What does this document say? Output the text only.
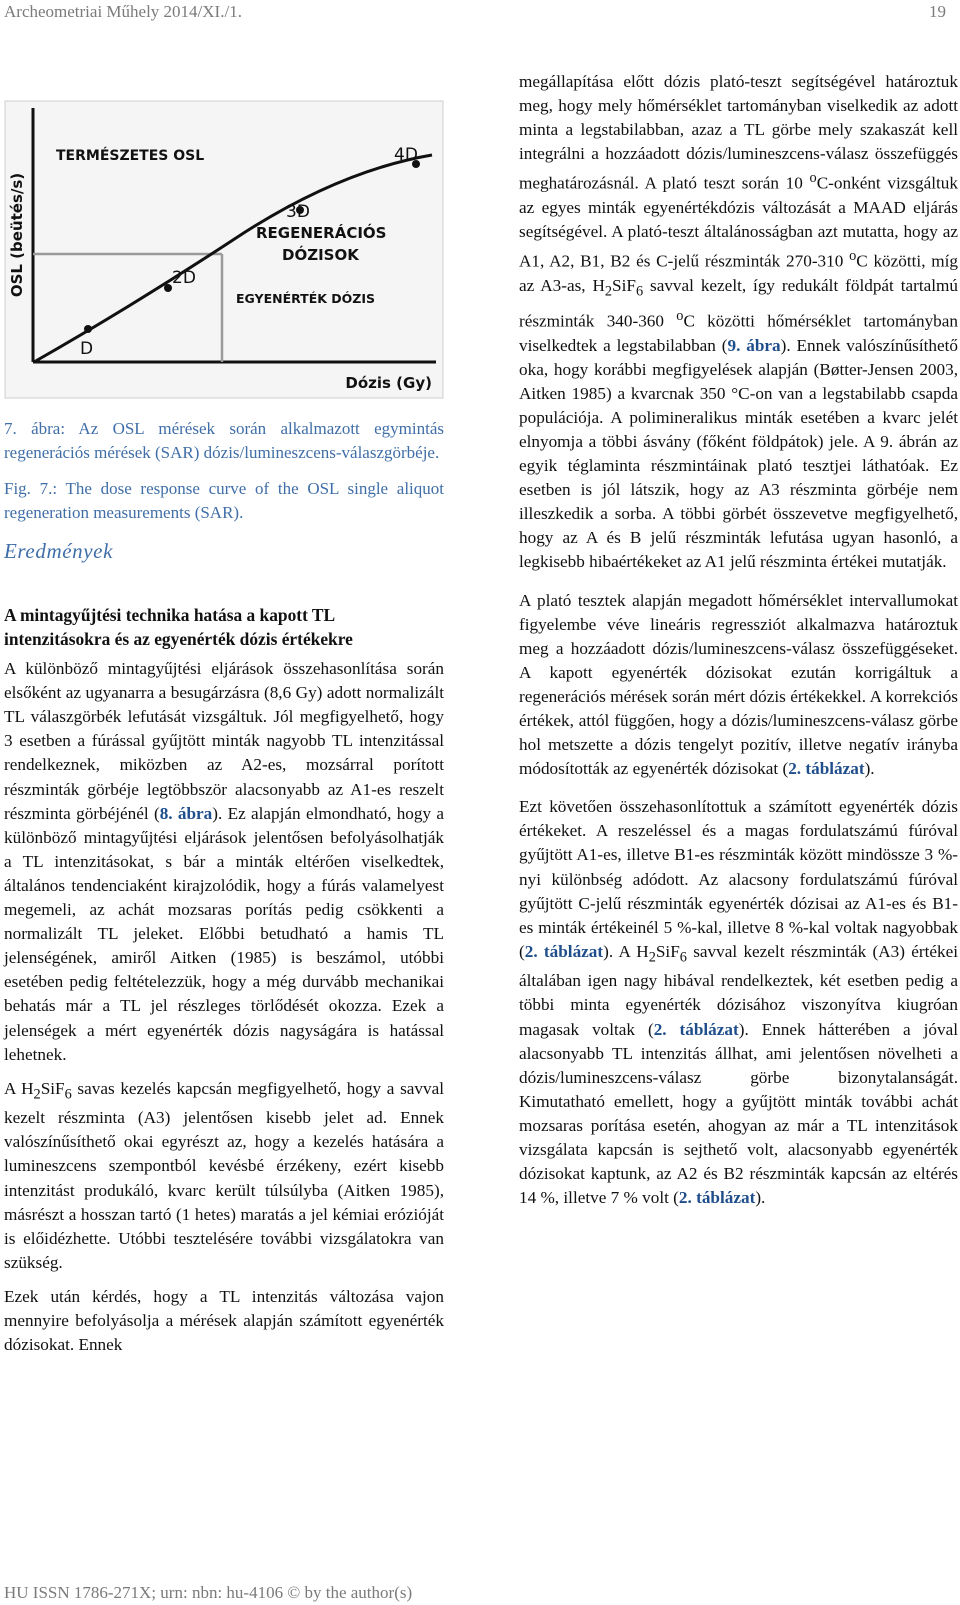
Archeometriai Műhely 2014/XI./1.	19
OSL (beütés/s)
Dózis (Gy)
TERMÉSZETES OSL
D
2D
3D
4D
REGENERÁCIÓS
DÓZISOK
EGYENÉRTÉK DÓZIS

7. ábra: Az OSL mérések során alkalmazott egymintás regenerációs mérések (SAR) dózis/lumineszcens-válaszgörbéje.

Fig. 7.: The dose response curve of the OSL single aliquot regeneration measurements (SAR).

Eredmények
A mintagyűjtési technika hatása a kapott TL intenzitásokra és az egyenérték dózis értékekre

A különböző mintagyűjtési eljárások összehasonlítása során elsőként az ugyanarra a besugárzásra (8,6 Gy) adott normalizált TL válaszgörbék lefutását vizsgáltuk. Jól megfigyelhető, hogy 3 esetben a fúrással gyűjtött minták nagyobb TL intenzitással rendelkeznek, miközben az A2-es, mozsárral porított részminták görbéje legtöbbször alacsonyabb az A1-es reszelt részminta görbéjénél (8. ábra). Ez alapján elmondható, hogy a különböző mintagyűjtési eljárások jelentősen befolyásolhatják a TL intenzitásokat, s bár a minták eltérően viselkedtek, általános tendenciaként kirajzolódik, hogy a fúrás valamelyest megemeli, az achát mozsaras porítás pedig csökkenti a normalizált TL jeleket. Előbbi betudható a hamis TL jelenségének, amiről Aitken (1985) is beszámol, utóbbi esetében pedig feltételezzük, hogy a még durvább mechanikai behatás már a TL jel részleges törlődését okozza. Ezek a jelenségek a mért egyenérték dózis nagyságára is hatással lehetnek.

A $H_2SiF_6$ savas kezelés kapcsán megfigyelhető, hogy a savval kezelt részminta (A3) jelentősen kisebb jelet ad. Ennek valószínűsíthető okai egyrészt az, hogy a kezelés hatására a lumineszcens szempontból kevésbé érzékeny, ezért kisebb intenzitást produkáló, kvarc került túlsúlyba (Aitken 1985), másrészt a hosszan tartó (1 hetes) maratás a jel kémiai erózióját is előidézhette. Utóbbi tesztelésére további vizsgálatokra van szükség.

Ezek után kérdés, hogy a TL intenzitás változása vajon mennyire befolyásolja a mérések alapján számított egyenérték dózisokat. Ennek

megállapítása előtt dózis plató-teszt segítségével határoztuk meg, hogy mely hőmérséklet tartományban viselkedik az adott minta a legstabilabban, azaz a TL görbe mely szakaszát kell integrálni a hozzáadott dózis/lumineszcens-válasz összefüggés meghatározásnál. A plató teszt során 10 $^o$C-onként vizsgáltuk az egyes minták egyenértékdózis változását a MAAD eljárás segítségével. A plató-teszt általánosságban azt mutatta, hogy az A1, A2, B1, B2 és C-jelű részminták 270-310 $^o$C közötti, míg az A3-as, $H_2SiF_6$ savval kezelt, így redukált földpát tartalmú részminták 340-360 $^o$C közötti hőmérséklet tartományban viselkedtek a legstabilabban (9. ábra). Ennek valószínűsíthető oka, hogy korábbi megfigyelések alapján (Bøtter-Jensen 2003, Aitken 1985) a kvarcnak 350 °C-on van a legstabilabb csapda populációja. A polimineralikus minták esetében a kvarc jelét elnyomja a többi ásvány (főként földpátok) jele. A 9. ábrán az egyik téglaminta részmintáinak plató tesztjei láthatóak. Ez esetben is jól látszik, hogy az A3 részminta görbéje nem illeszkedik a sorba. A többi görbét összevetve megfigyelhető, hogy az A és B jelű részminták lefutása ugyan hasonló, a legkisebb hibaértékeket az A1 jelű részminta értékei mutatják.

A plató tesztek alapján megadott hőmérséklet intervallumokat figyelembe véve lineáris regressziót alkalmazva határoztuk meg a hozzáadott dózis/lumineszcens-válasz összefüggéseket. A kapott egyenérték dózisokat ezután korrigáltuk a regenerációs mérések során mért dózis értékekkel. A korrekciós értékek, attól függően, hogy a dózis/lumineszcens-válasz görbe hol metszette a dózis tengelyt pozitív, illetve negatív irányba módosították az egyenérték dózisokat (2. táblázat).

Ezt követően összehasonlítottuk a számított egyenérték dózis értékeket. A reszeléssel és a magas fordulatszámú fúróval gyűjtött A1-es, illetve B1-es részminták között mindössze 3 %-nyi különbség adódott. Az alacsony fordulatszámú fúróval gyűjtött C-jelű részminták egyenérték dózisai az A1-es és B1-es minták értékeinél 5 %-kal, illetve 8 %-kal voltak nagyobbak (2. táblázat). A $H_2SiF_6$ savval kezelt részminták (A3) értékei általában igen nagy hibával rendelkeztek, két esetben pedig a többi minta egyenérték dózisához viszonyítva kiugróan magasak voltak (2. táblázat). Ennek hátterében a jóval alacsonyabb TL intenzitás állhat, ami jelentősen növelheti a dózis/lumineszcens-válasz görbe bizonytalanságát. Kimutatható emellett, hogy a gyűjtött minták további achát mozsaras porítása esetén, ahogyan az már a TL intenzitások vizsgálata kapcsán is sejthető volt, alacsonyabb egyenérték dózisokat kaptunk, az A2 és B2 részminták kapcsán az eltérés 14 %, illetve 7 % volt (2. táblázat).

HU ISSN 1786-271X; urn: nbn: hu-4106 © by the author(s)
